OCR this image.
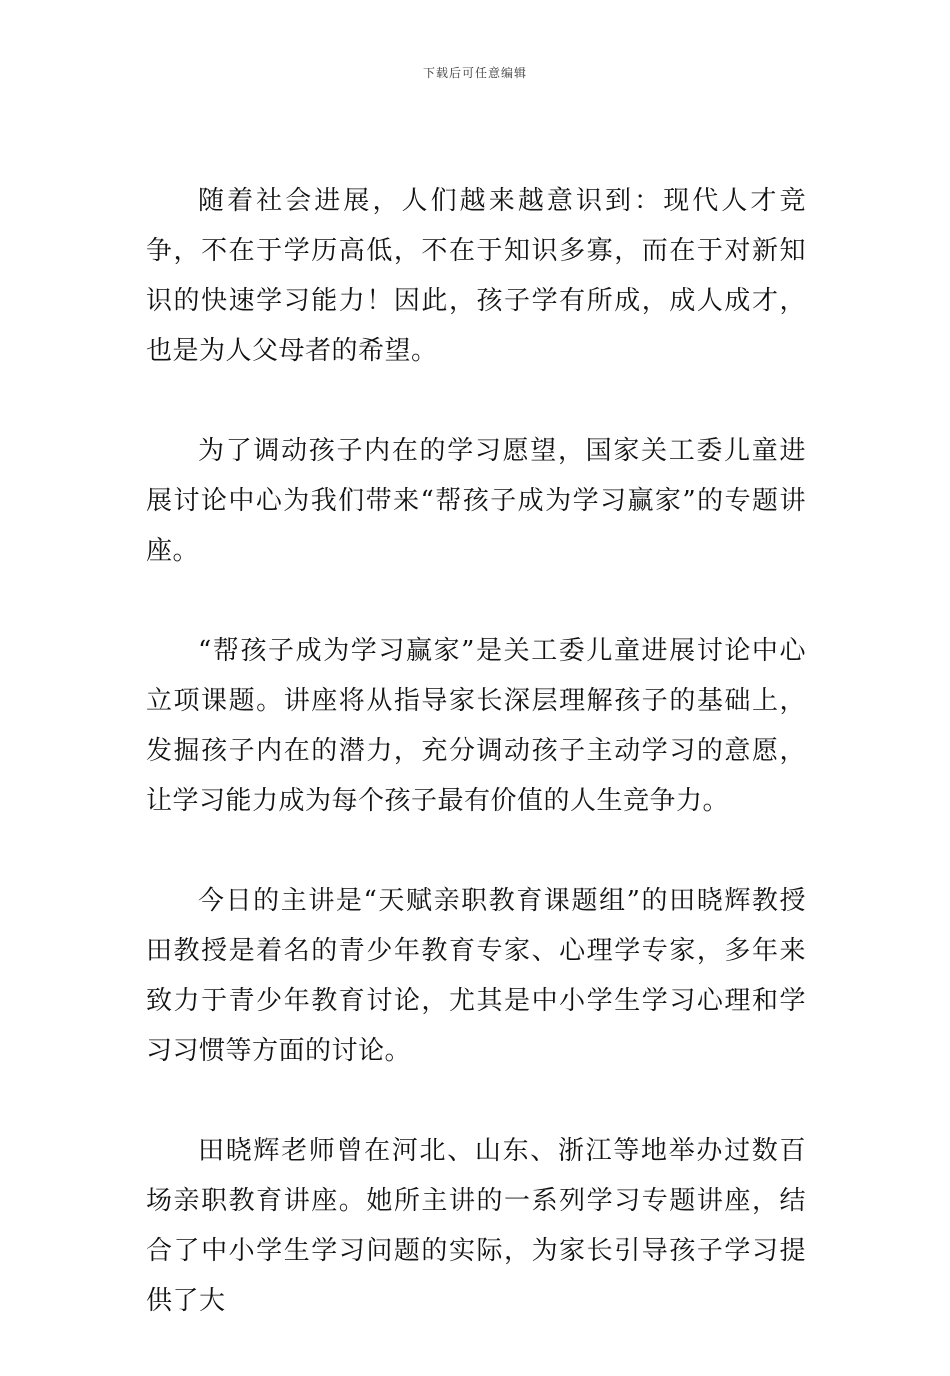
下载后可任意编辑

随着社会进展，人们越来越意识到：现代人才竞争，不在于学历高低，不在于知识多寡，而在于对新知识的快速学习能力！因此，孩子学有所成，成人成才，也是为人父母者的希望。

为了调动孩子内在的学习愿望，国家关工委儿童进展讨论中心为我们带来“帮孩子成为学习赢家”的专题讲座。

“帮孩子成为学习赢家”是关工委儿童进展讨论中心立项课题。讲座将从指导家长深层理解孩子的基础上，发掘孩子内在的潜力，充分调动孩子主动学习的意愿，让学习能力成为每个孩子最有价值的人生竞争力。

今日的主讲是“天赋亲职教育课题组”的田晓辉教授田教授是着名的青少年教育专家、心理学专家，多年来致力于青少年教育讨论，尤其是中小学生学习心理和学习习惯等方面的讨论。

田晓辉老师曾在河北、山东、浙江等地举办过数百场亲职教育讲座。她所主讲的一系列学习专题讲座，结合了中小学生学习问题的实际，为家长引导孩子学习提供了大
